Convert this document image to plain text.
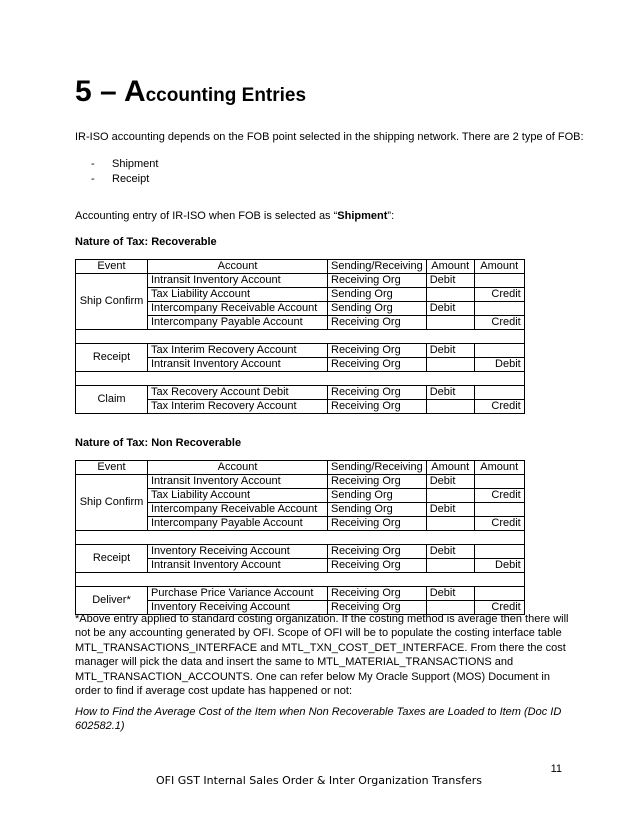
5 – Accounting Entries

IR-ISO accounting depends on the FOB point selected in the shipping network. There are 2 type of FOB:

- Shipment
- Receipt

Accounting entry of IR-ISO when FOB is selected as “Shipment”:

Nature of Tax: Recoverable

Event	Account	Sending/Receiving	Amount	Amount
Ship Confirm	Intransit Inventory Account	Receiving Org	Debit	
	Tax Liability Account	Sending Org		Credit
	Intercompany Receivable Account	Sending Org	Debit	
	Intercompany Payable Account	Receiving Org		Credit

Receipt	Tax Interim Recovery Account	Receiving Org	Debit	
	Intransit Inventory Account	Receiving Org		Debit

Claim	Tax Recovery Account Debit	Receiving Org	Debit	
	Tax Interim Recovery Account	Receiving Org		Credit

Nature of Tax: Non Recoverable

Event	Account	Sending/Receiving	Amount	Amount
Ship Confirm	Intransit Inventory Account	Receiving Org	Debit	
	Tax Liability Account	Sending Org		Credit
	Intercompany Receivable Account	Sending Org	Debit	
	Intercompany Payable Account	Receiving Org		Credit

Receipt	Inventory Receiving Account	Receiving Org	Debit	
	Intransit Inventory Account	Receiving Org		Debit

Deliver*	Purchase Price Variance Account	Receiving Org	Debit	
	Inventory Receiving Account	Receiving Org		Credit

*Above entry applied to standard costing organization. If the costing method is average then there will not be any accounting generated by OFI. Scope of OFI will be to populate the costing interface table MTL_TRANSACTIONS_INTERFACE and MTL_TXN_COST_DET_INTERFACE. From there the cost manager will pick the data and insert the same to MTL_MATERIAL_TRANSACTIONS and MTL_TRANSACTION_ACCOUNTS. One can refer below My Oracle Support (MOS) Document in order to find if average cost update has happened or not:

How to Find the Average Cost of the Item when Non Recoverable Taxes are Loaded to Item (Doc ID 602582.1)

11
OFI GST Internal Sales Order & Inter Organization Transfers
